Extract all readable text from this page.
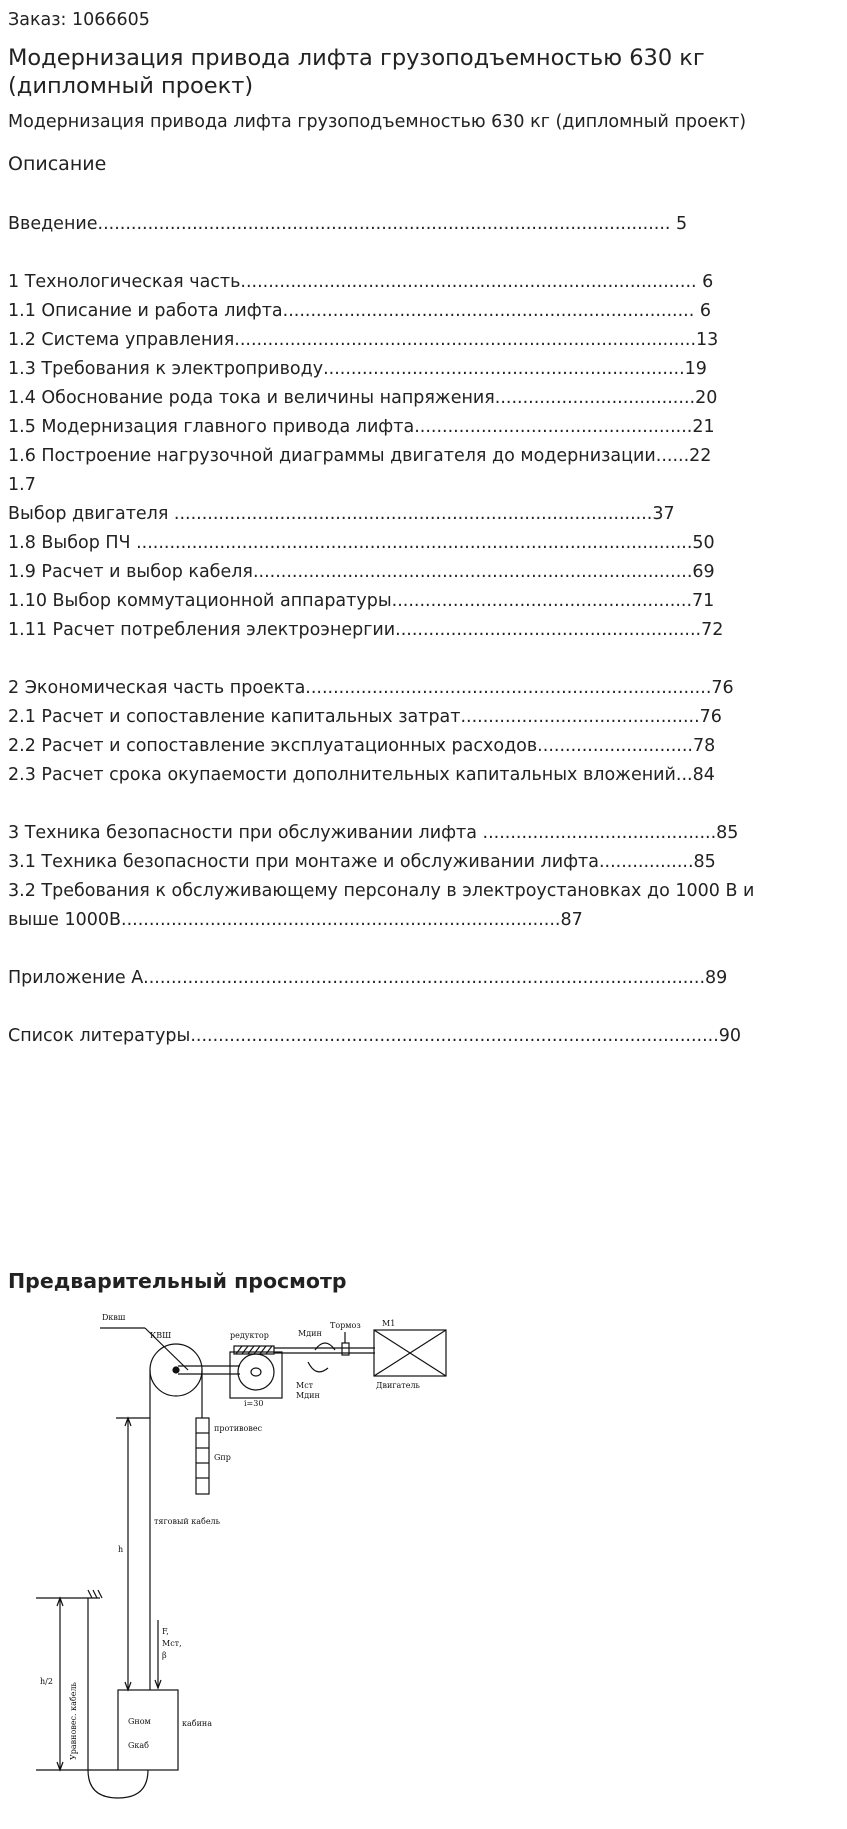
Заказ: 1066605
Модернизация привода лифта грузоподъемностью 630 кг (дипломный проект)
Модернизация привода лифта грузоподъемностью 630 кг (дипломный проект)
Описание
Введение....................................................................................................... 5
1 Технологическая часть.................................................................................. 6
1.1 Описание и работа лифта.......................................................................... 6
1.2 Система управления...................................................................................13
1.3 Требования к электроприводу.................................................................19
1.4 Обоснование рода тока и величины напряжения....................................20
1.5 Модернизация главного привода лифта..................................................21
1.6 Построение нагрузочной диаграммы двигателя до модернизации......22
1.7
Выбор двигателя ......................................................................................37
1.8 Выбор ПЧ ....................................................................................................50
1.9 Расчет и выбор кабеля...............................................................................69
1.10 Выбор коммутационной аппаратуры......................................................71
1.11 Расчет потребления электроэнергии.......................................................72
2 Экономическая часть проекта.........................................................................76
2.1 Расчет и сопоставление капитальных затрат...........................................76
2.2 Расчет и сопоставление эксплуатационных расходов............................78
2.3 Расчет срока окупаемости дополнительных капитальных вложений...84
3 Техника безопасности при обслуживании лифта ..........................................85
3.1 Техника безопасности при монтаже и обслуживании лифта.................85
3.2 Требования к обслуживающему персоналу в электроустановках до 1000 В и
выше 1000В...............................................................................87
Приложение А.....................................................................................................89
Список литературы...............................................................................................90
Предварительный просмотр
Dквш
КВШ	редуктор	Mдин
Тормоз	М1
Mст
Mдин
i=30
Двигатель
противовес
Gпр
тяговый кабель
h
h/2
Уравновес. кабель
F,
Mст,
β
Gном
Gкаб
кабина
